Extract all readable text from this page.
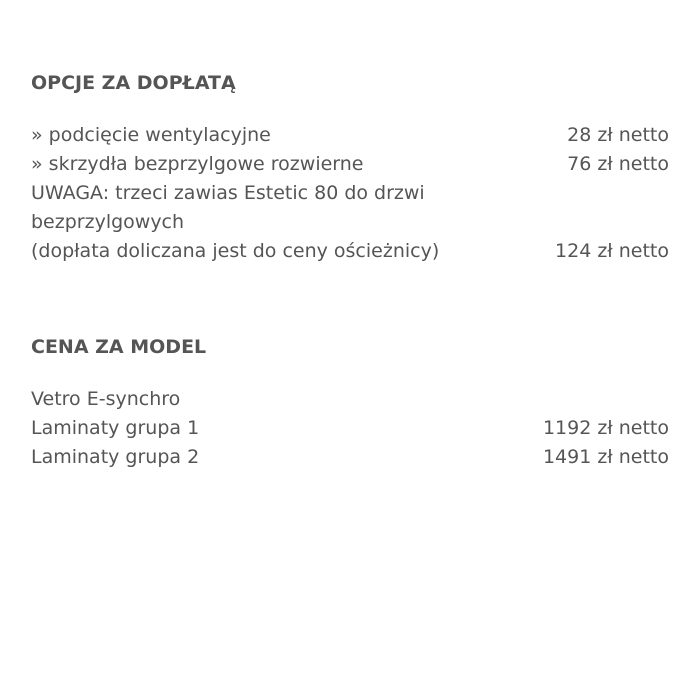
OPCJE ZA DOPŁATĄ
» podcięcie wentylacyjne	28 zł netto
» skrzydła bezprzylgowe rozwierne	76 zł netto
UWAGA: trzeci zawias Estetic 80 do drzwi bezprzylgowych
(dopłata doliczana jest do ceny ościeżnicy)	124 zł netto
CENA ZA MODEL
Vetro E-synchro
Laminaty grupa 1	1192 zł netto
Laminaty grupa 2	1491 zł netto
